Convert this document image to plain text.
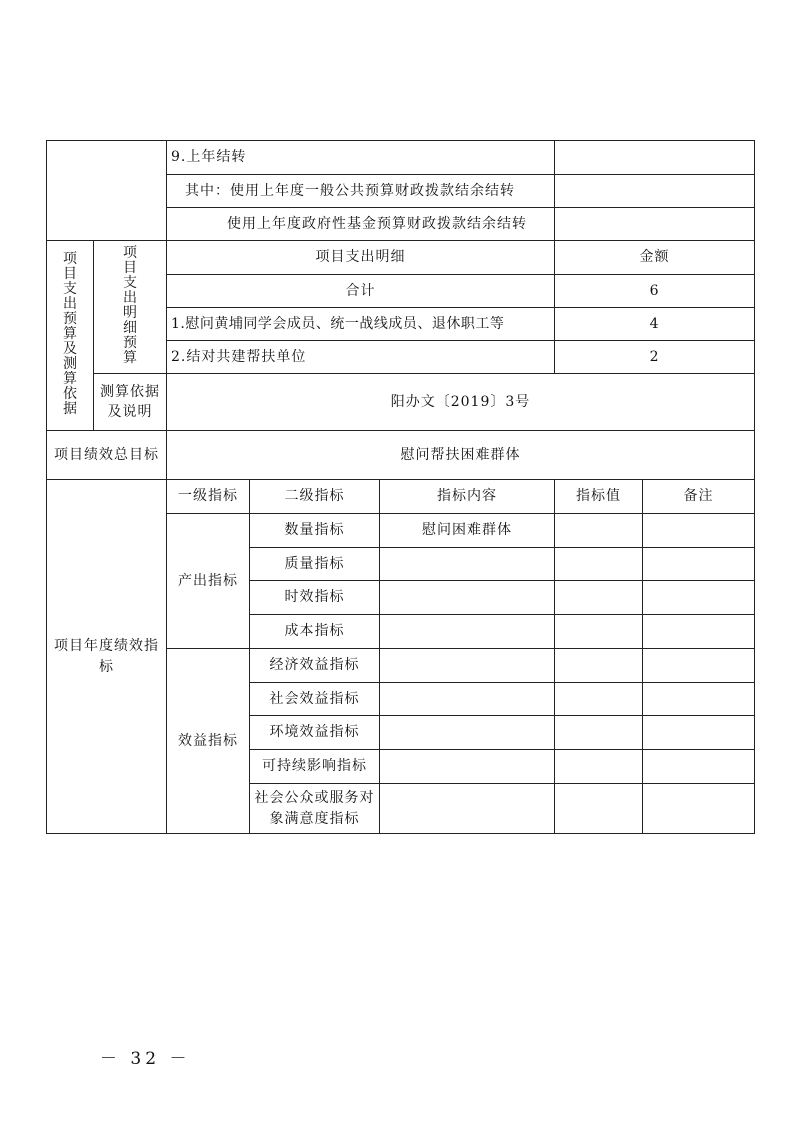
		9.上年结转				
		其中：使用上年度一般公共预算财政拨款结余结转				
		使用上年度政府性基金预算财政拨款结余结转				
项目支出预算及测算依据	项目支出明细预算	项目支出明细			金额	
		合计			6	
		1.慰问黄埔同学会成员、统一战线成员、退休职工等			4	
		2.结对共建帮扶单位			2	
	测算依据及说明	阳办文〔2019〕3号				
项目绩效总目标		慰问帮扶困难群体				
项目年度绩效指标		一级指标	二级指标	指标内容	指标值	备注
		产出指标	数量指标	慰问困难群体		
			质量指标			
			时效指标			
			成本指标			
		效益指标	经济效益指标			
			社会效益指标			
			环境效益指标			
			可持续影响指标			
			社会公众或服务对象满意度指标			
－ 32 －
